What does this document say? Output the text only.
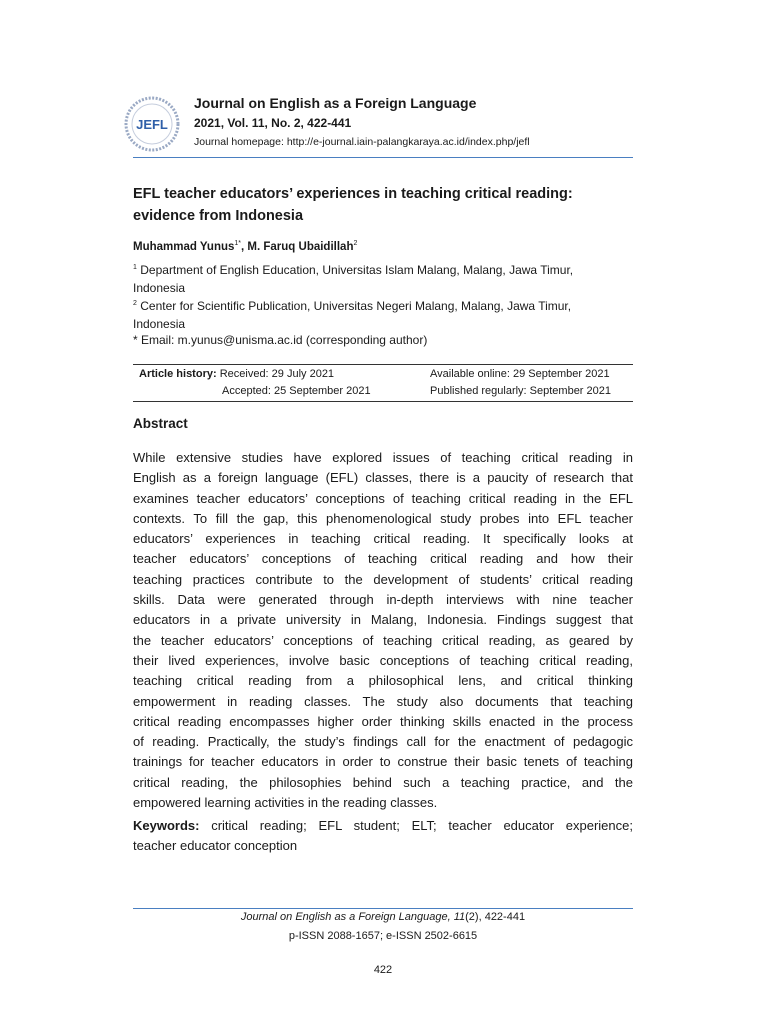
JEFL
Journal on English as a Foreign Language
2021, Vol. 11, No. 2, 422-441
Journal homepage: http://e-journal.iain-palangkaraya.ac.id/index.php/jefl
EFL teacher educators’ experiences in teaching critical reading:
evidence from Indonesia
Muhammad Yunus$^{1*}$, M. Faruq Ubaidillah$^2$
$^1$ Department of English Education, Universitas Islam Malang, Malang, Jawa Timur,
Indonesia
$^2$ Center for Scientific Publication, Universitas Negeri Malang, Malang, Jawa Timur,
Indonesia
* Email: m.yunus@unisma.ac.id (corresponding author)
Article history: Received: 29 July 2021
Accepted: 25 September 2021
Available online: 29 September 2021
Published regularly: September 2021
Abstract
While extensive studies have explored issues of teaching critical reading in
English as a foreign language (EFL) classes, there is a paucity of research that
examines teacher educators’ conceptions of teaching critical reading in the EFL
contexts. To fill the gap, this phenomenological study probes into EFL teacher
educators’ experiences in teaching critical reading. It specifically looks at
teacher educators’ conceptions of teaching critical reading and how their
teaching practices contribute to the development of students’ critical reading
skills. Data were generated through in-depth interviews with nine teacher
educators in a private university in Malang, Indonesia. Findings suggest that
the teacher educators’ conceptions of teaching critical reading, as geared by
their lived experiences, involve basic conceptions of teaching critical reading,
teaching critical reading from a philosophical lens, and critical thinking
empowerment in reading classes. The study also documents that teaching
critical reading encompasses higher order thinking skills enacted in the process
of reading. Practically, the study’s findings call for the enactment of pedagogic
trainings for teacher educators in order to construe their basic tenets of teaching
critical reading, the philosophies behind such a teaching practice, and the
empowered learning activities in the reading classes.
Keywords: critical reading; EFL student; ELT; teacher educator experience;
teacher educator conception
Journal on English as a Foreign Language, 11(2), 422-441
p-ISSN 2088-1657; e-ISSN 2502-6615
422
